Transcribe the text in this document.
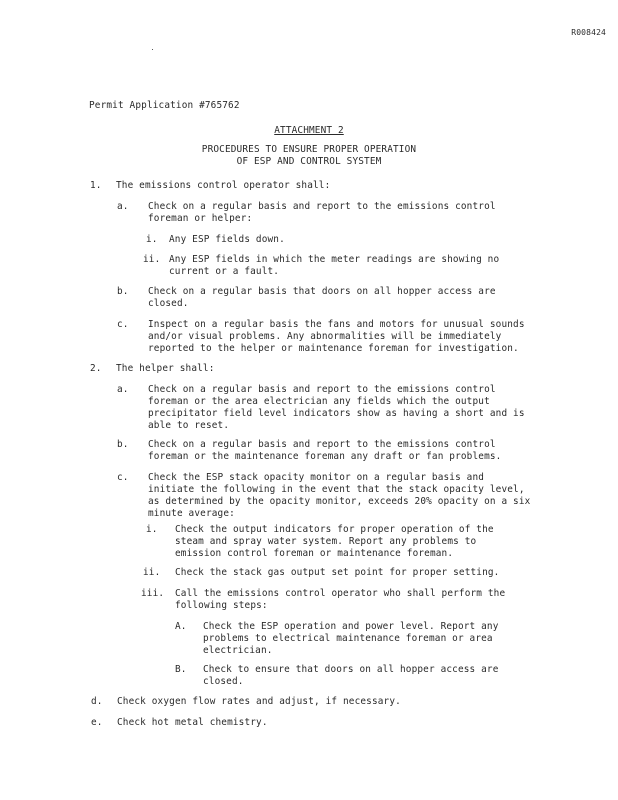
R008424
Permit Application #765762
ATTACHMENT 2
PROCEDURES TO ENSURE PROPER OPERATION
OF ESP AND CONTROL SYSTEM
1. The emissions control operator shall:
a. Check on a regular basis and report to the emissions control
foreman or helper:
i. Any ESP fields down.
ii. Any ESP fields in which the meter readings are showing no
current or a fault.
b. Check on a regular basis that doors on all hopper access are
closed.
c. Inspect on a regular basis the fans and motors for unusual sounds
and/or visual problems. Any abnormalities will be immediately
reported to the helper or maintenance foreman for investigation.
2. The helper shall:
a. Check on a regular basis and report to the emissions control
foreman or the area electrician any fields which the output
precipitator field level indicators show as having a short and is
able to reset.
b. Check on a regular basis and report to the emissions control
foreman or the maintenance foreman any draft or fan problems.
c. Check the ESP stack opacity monitor on a regular basis and
initiate the following in the event that the stack opacity level,
as determined by the opacity monitor, exceeds 20% opacity on a six
minute average:
i. Check the output indicators for proper operation of the
steam and spray water system. Report any problems to
emission control foreman or maintenance foreman.
ii. Check the stack gas output set point for proper setting.
iii. Call the emissions control operator who shall perform the
following steps:
A. Check the ESP operation and power level. Report any
problems to electrical maintenance foreman or area
electrician.
B. Check to ensure that doors on all hopper access are
closed.
d. Check oxygen flow rates and adjust, if necessary.
e. Check hot metal chemistry.
